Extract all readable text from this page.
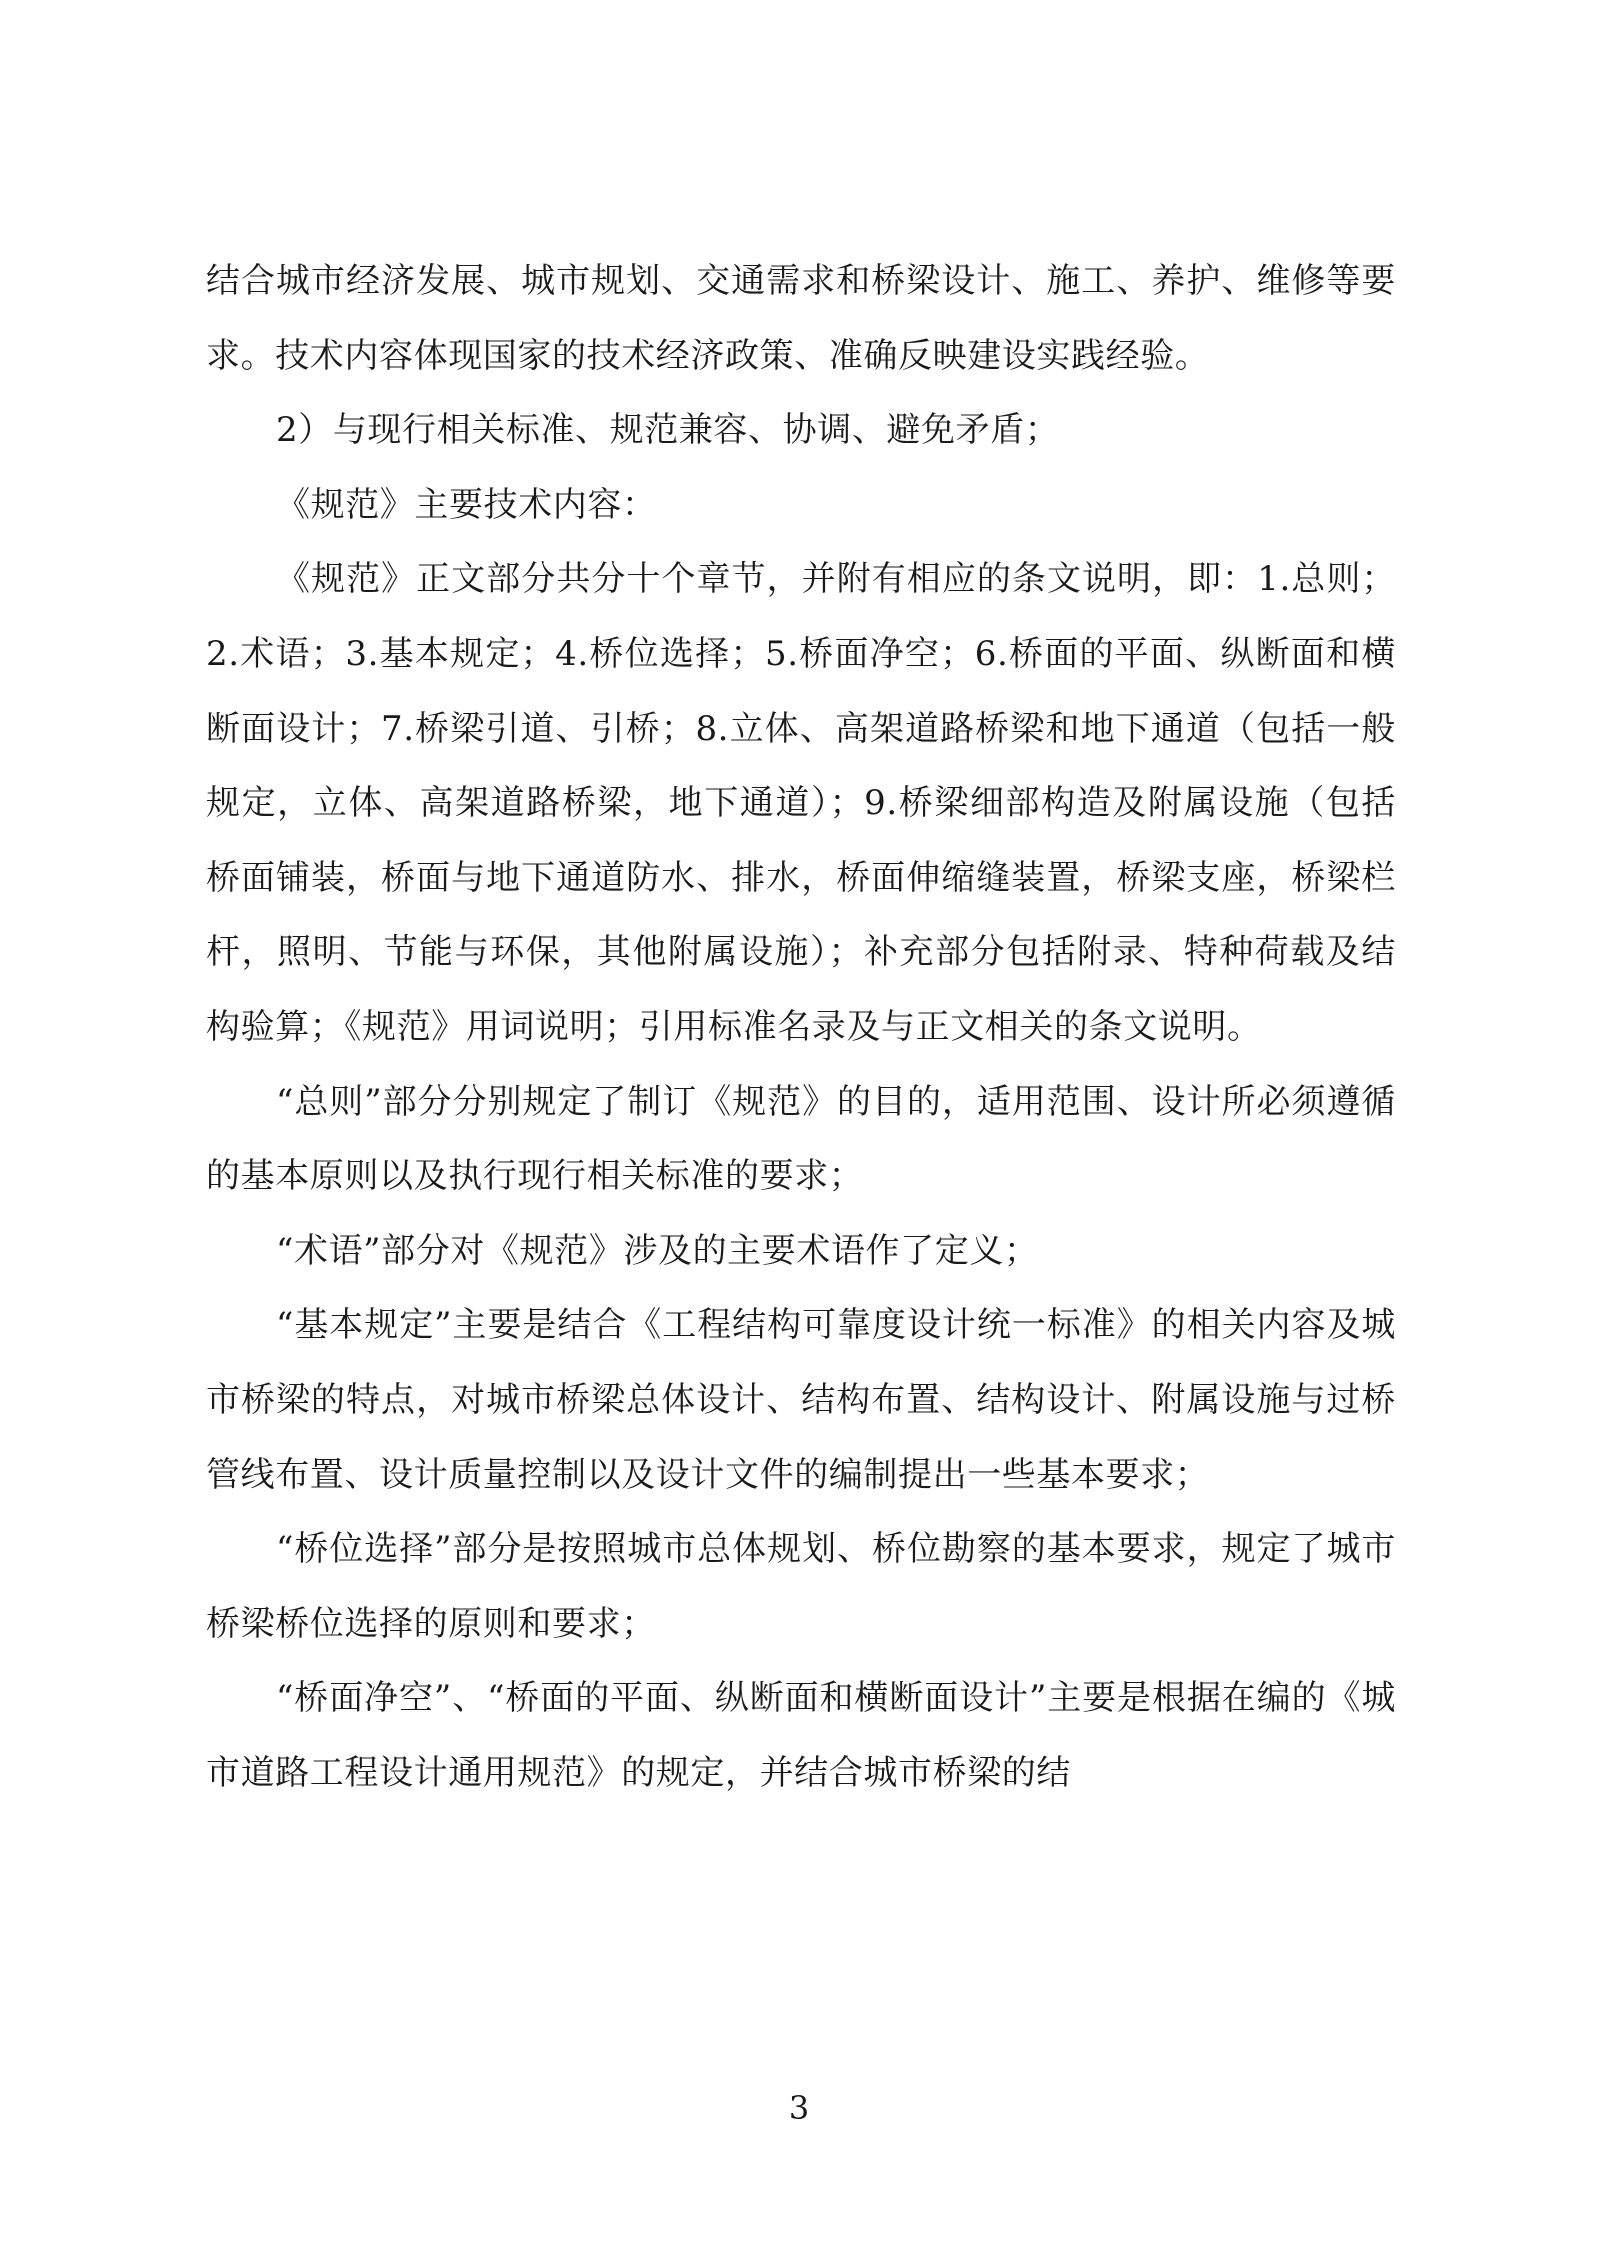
结合城市经济发展、城市规划、交通需求和桥梁设计、施工、养护、维修等要求。技术内容体现国家的技术经济政策、准确反映建设实践经验。

2）与现行相关标准、规范兼容、协调、避免矛盾；

《规范》主要技术内容：

《规范》正文部分共分十个章节，并附有相应的条文说明，即：1.总则；2.术语；3.基本规定；4.桥位选择；5.桥面净空；6.桥面的平面、纵断面和横断面设计；7.桥梁引道、引桥；8.立体、高架道路桥梁和地下通道（包括一般规定，立体、高架道路桥梁，地下通道）；9.桥梁细部构造及附属设施（包括桥面铺装，桥面与地下通道防水、排水，桥面伸缩缝装置，桥梁支座，桥梁栏杆，照明、节能与环保，其他附属设施）；补充部分包括附录、特种荷载及结构验算；《规范》用词说明；引用标准名录及与正文相关的条文说明。

“总则”部分分别规定了制订《规范》的目的，适用范围、设计所必须遵循的基本原则以及执行现行相关标准的要求；

“术语”部分对《规范》涉及的主要术语作了定义；

“基本规定”主要是结合《工程结构可靠度设计统一标准》的相关内容及城市桥梁的特点，对城市桥梁总体设计、结构布置、结构设计、附属设施与过桥管线布置、设计质量控制以及设计文件的编制提出一些基本要求；

“桥位选择”部分是按照城市总体规划、桥位勘察的基本要求，规定了城市桥梁桥位选择的原则和要求；

“桥面净空”、“桥面的平面、纵断面和横断面设计”主要是根据在编的《城市道路工程设计通用规范》的规定，并结合城市桥梁的结

3
